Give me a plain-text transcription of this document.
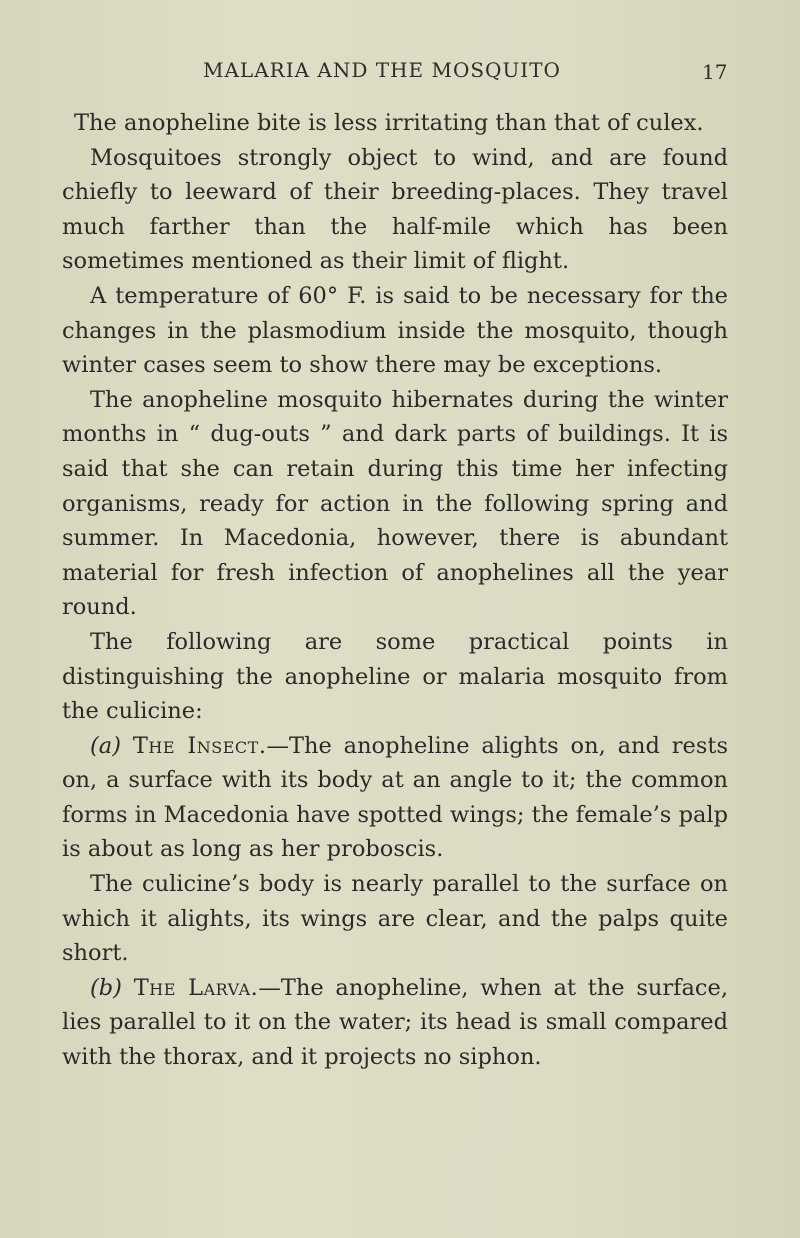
MALARIA AND THE MOSQUITO	17

The anopheline bite is less irritating than that of culex.

Mosquitoes strongly object to wind, and are found chiefly to leeward of their breeding-places. They travel much farther than the half-mile which has been sometimes mentioned as their limit of flight.

A temperature of 60° F. is said to be necessary for the changes in the plasmodium inside the mosquito, though winter cases seem to show there may be exceptions.

The anopheline mosquito hibernates during the winter months in “ dug-outs ” and dark parts of buildings. It is said that she can retain during this time her infecting organisms, ready for action in the following spring and summer. In Macedonia, however, there is abundant material for fresh infection of anophelines all the year round.

The following are some practical points in distinguishing the anopheline or malaria mosquito from the culicine:

(a) The Insect.—The anopheline alights on, and rests on, a surface with its body at an angle to it; the common forms in Macedonia have spotted wings; the female’s palp is about as long as her proboscis.

The culicine’s body is nearly parallel to the surface on which it alights, its wings are clear, and the palps quite short.

(b) The Larva.—The anopheline, when at the surface, lies parallel to it on the water; its head is small compared with the thorax, and it projects no siphon.
